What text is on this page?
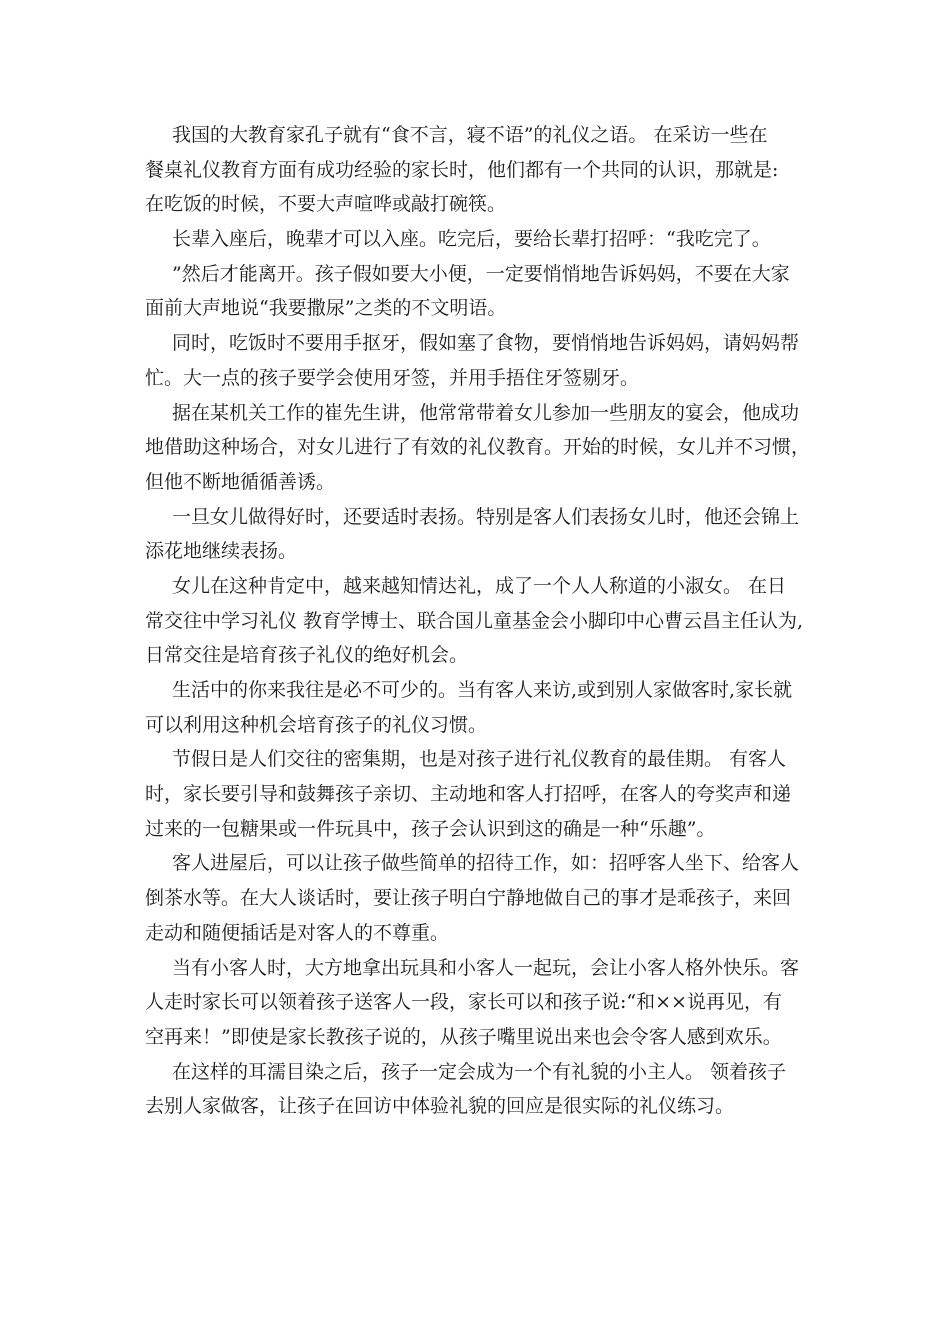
我国的大教育家孔子就有“食不言，寝不语”的礼仪之语。 在采访一些在
餐桌礼仪教育方面有成功经验的家长时，他们都有一个共同的认识，那就是:
在吃饭的时候，不要大声喧哗或敲打碗筷。
长辈入座后，晚辈才可以入座。吃完后，要给长辈打招呼：“我吃完了。
”然后才能离开。孩子假如要大小便，一定要悄悄地告诉妈妈，不要在大家
面前大声地说“我要撒尿”之类的不文明语。
同时，吃饭时不要用手抠牙，假如塞了食物，要悄悄地告诉妈妈，请妈妈帮
忙。大一点的孩子要学会使用牙签，并用手捂住牙签剔牙。
据在某机关工作的崔先生讲，他常常带着女儿参加一些朋友的宴会，他成功
地借助这种场合，对女儿进行了有效的礼仪教育。开始的时候，女儿并不习惯，
但他不断地循循善诱。
一旦女儿做得好时，还要适时表扬。特别是客人们表扬女儿时，他还会锦上
添花地继续表扬。
女儿在这种肯定中，越来越知情达礼，成了一个人人称道的小淑女。 在日
常交往中学习礼仪 教育学博士、联合国儿童基金会小脚印中心曹云昌主任认为,
日常交往是培育孩子礼仪的绝好机会。
生活中的你来我往是必不可少的。当有客人来访,或到别人家做客时,家长就
可以利用这种机会培育孩子的礼仪习惯。
节假日是人们交往的密集期，也是对孩子进行礼仪教育的最佳期。 有客人
时，家长要引导和鼓舞孩子亲切、主动地和客人打招呼，在客人的夸奖声和递
过来的一包糖果或一件玩具中，孩子会认识到这的确是一种“乐趣”。
客人进屋后，可以让孩子做些简单的招待工作，如：招呼客人坐下、给客人
倒茶水等。在大人谈话时，要让孩子明白宁静地做自己的事才是乖孩子，来回
走动和随便插话是对客人的不尊重。
当有小客人时，大方地拿出玩具和小客人一起玩，会让小客人格外快乐。客
人走时家长可以领着孩子送客人一段，家长可以和孩子说:“和××说再见，有
空再来！”即使是家长教孩子说的，从孩子嘴里说出来也会令客人感到欢乐。
在这样的耳濡目染之后，孩子一定会成为一个有礼貌的小主人。 领着孩子
去别人家做客，让孩子在回访中体验礼貌的回应是很实际的礼仪练习。
